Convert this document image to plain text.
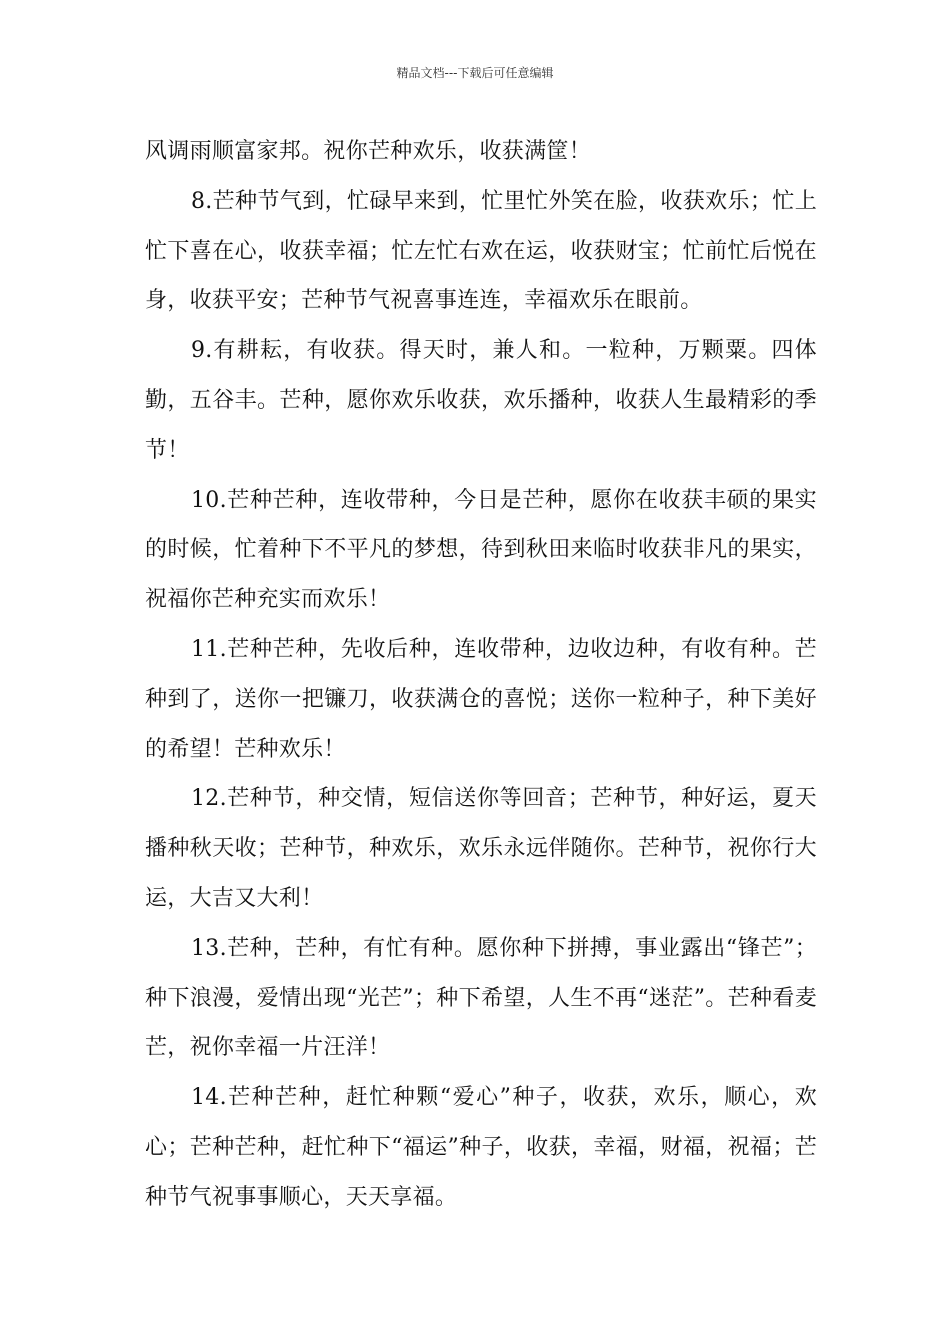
精品文档---下载后可任意编辑

风调雨顺富家邦。祝你芒种欢乐，收获满筐！

8.芒种节气到，忙碌早来到，忙里忙外笑在脸，收获欢乐；忙上忙下喜在心，收获幸福；忙左忙右欢在运，收获财宝；忙前忙后悦在身，收获平安；芒种节气祝喜事连连，幸福欢乐在眼前。

9.有耕耘，有收获。得天时，兼人和。一粒种，万颗粟。四体勤，五谷丰。芒种，愿你欢乐收获，欢乐播种，收获人生最精彩的季节！

10.芒种芒种，连收带种，今日是芒种，愿你在收获丰硕的果实的时候，忙着种下不平凡的梦想，待到秋田来临时收获非凡的果实，祝福你芒种充实而欢乐！

11.芒种芒种，先收后种，连收带种，边收边种，有收有种。芒种到了，送你一把镰刀，收获满仓的喜悦；送你一粒种子，种下美好的希望！芒种欢乐！

12.芒种节，种交情，短信送你等回音；芒种节，种好运，夏天播种秋天收；芒种节，种欢乐，欢乐永远伴随你。芒种节，祝你行大运，大吉又大利！

13.芒种，芒种，有忙有种。愿你种下拼搏，事业露出“锋芒”；种下浪漫，爱情出现“光芒”；种下希望，人生不再“迷茫”。芒种看麦芒，祝你幸福一片汪洋！

14.芒种芒种，赶忙种颗“爱心”种子，收获，欢乐，顺心，欢心；芒种芒种，赶忙种下“福运”种子，收获，幸福，财福，祝福；芒种节气祝事事顺心，天天享福。
